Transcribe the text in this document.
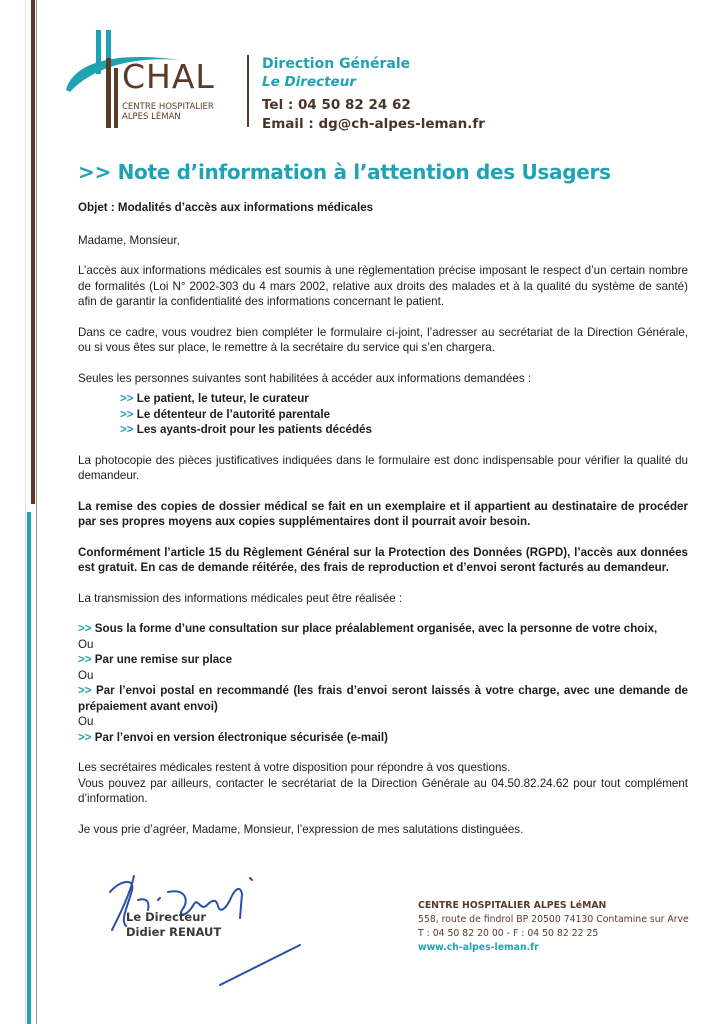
CHAL
CENTRE HOSPITALIER
ALPES LÉMAN
Direction Générale
Le Directeur
Tel : 04 50 82 24 62
Email : dg@ch-alpes-leman.fr
>> Note d’information à l’attention des Usagers

Objet : Modalités d’accès aux informations médicales

Madame, Monsieur,

L’accès aux informations médicales est soumis à une règlementation précise imposant le respect d’un certain nombre de formalités (Loi N° 2002-303 du 4 mars 2002, relative aux droits des malades et à la qualité du système de santé) afin de garantir la confidentialité des informations concernant le patient.

Dans ce cadre, vous voudrez bien compléter le formulaire ci-joint, l’adresser au secrétariat de la Direction Générale, ou si vous êtes sur place, le remettre à la secrétaire du service qui s’en chargera.

Seules les personnes suivantes sont habilitées à accéder aux informations demandées :

>> Le patient, le tuteur, le curateur

>> Le détenteur de l’autorité parentale

>> Les ayants-droit pour les patients décédés

La photocopie des pièces justificatives indiquées dans le formulaire est donc indispensable pour vérifier la qualité du demandeur.

La remise des copies de dossier médical se fait en un exemplaire et il appartient au destinataire de procéder par ses propres moyens aux copies supplémentaires dont il pourrait avoir besoin.

Conformément l’article 15 du Règlement Général sur la Protection des Données (RGPD), l’accès aux données est gratuit. En cas de demande réitérée, des frais de reproduction et d’envoi seront facturés au demandeur.

La transmission des informations médicales peut être réalisée :

>> Sous la forme d’une consultation sur place préalablement organisée, avec la personne de votre choix,

Ou

>> Par une remise sur place

Ou

>> Par l’envoi postal en recommandé (les frais d’envoi seront laissés à votre charge, avec une demande de prépaiement avant envoi)

Ou

>> Par l’envoi en version électronique sécurisée (e-mail)

Les secrétaires médicales restent à votre disposition pour répondre à vos questions.

Vous pouvez par ailleurs, contacter le secrétariat de la Direction Générale au 04.50.82.24.62 pour tout complément d’information.

Je vous prie d’agréer, Madame, Monsieur, l’expression de mes salutations distinguées.

Le Directeur
Didier RENAUT
CENTRE HOSPITALIER ALPES LéMAN
558, route de findrol BP 20500 74130 Contamine sur Arve
T : 04 50 82 20 00 - F : 04 50 82 22 25
www.ch-alpes-leman.fr
